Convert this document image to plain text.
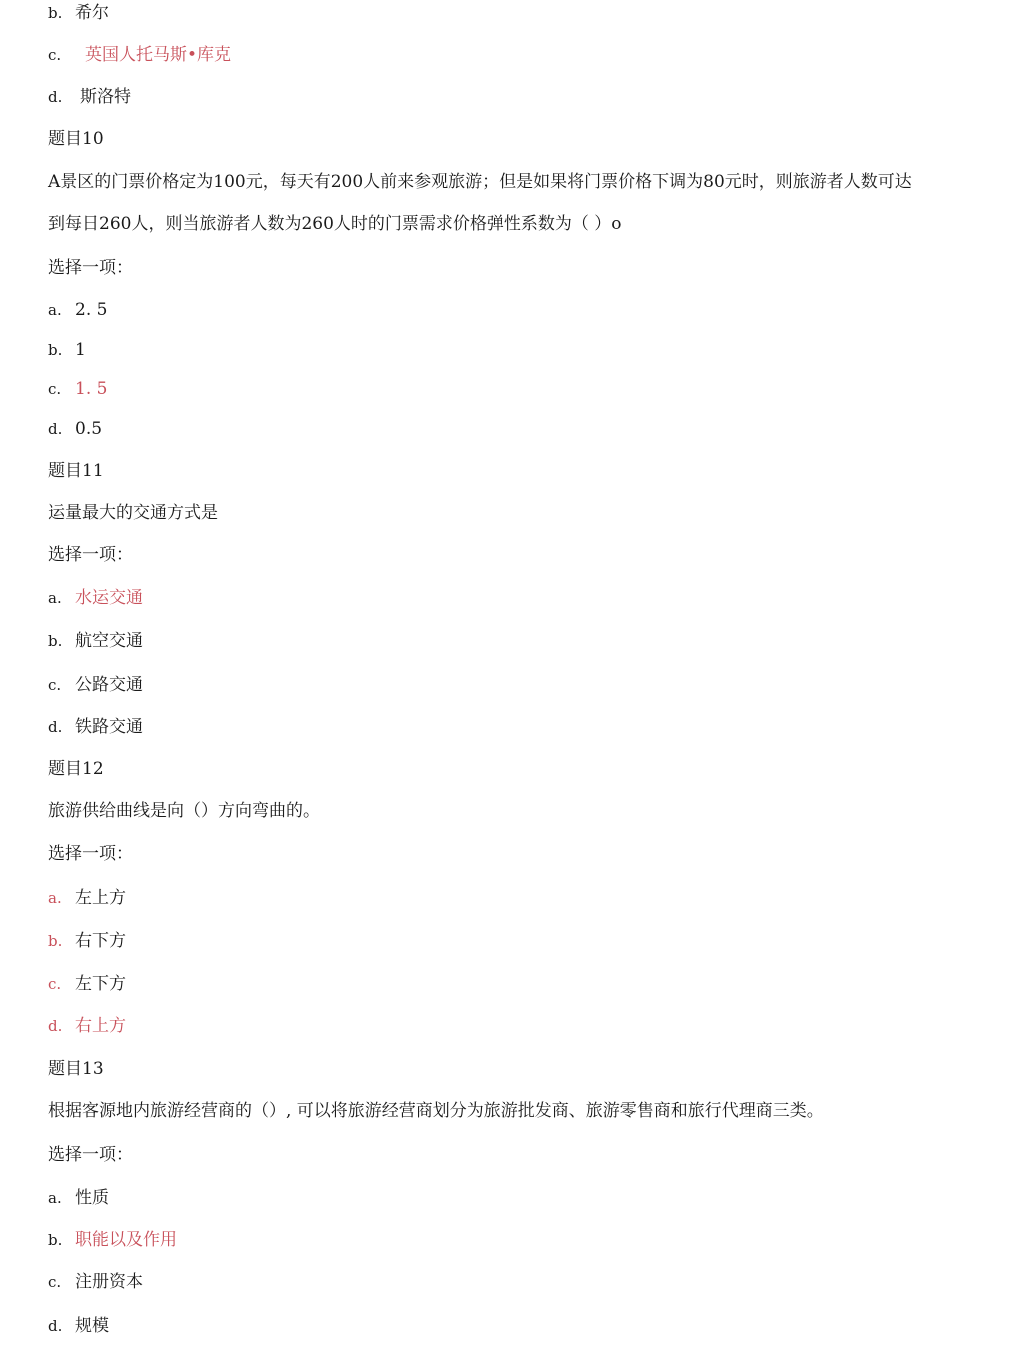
b. 希尔
c. 英国人托马斯•库克
d. 斯洛特
题目10
A景区的门票价格定为100元，每天有200人前来参观旅游；但是如果将门票价格下调为80元时，则旅游者人数可达
到每日260人，则当旅游者人数为260人时的门票需求价格弹性系数为（ ）o
选择一项：
a. 2. 5
b. 1
c. 1. 5
d. 0.5
题目11
运量最大的交通方式是
选择一项：
a. 水运交通
b. 航空交通
c. 公路交通
d. 铁路交通
题目12
旅游供给曲线是向（）方向弯曲的。
选择一项：
a. 左上方
b. 右下方
c. 左下方
d. 右上方
题目13
根据客源地内旅游经营商的（）, 可以将旅游经营商划分为旅游批发商、旅游零售商和旅行代理商三类。
选择一项：
a. 性质
b. 职能以及作用
c. 注册资本
d. 规模
